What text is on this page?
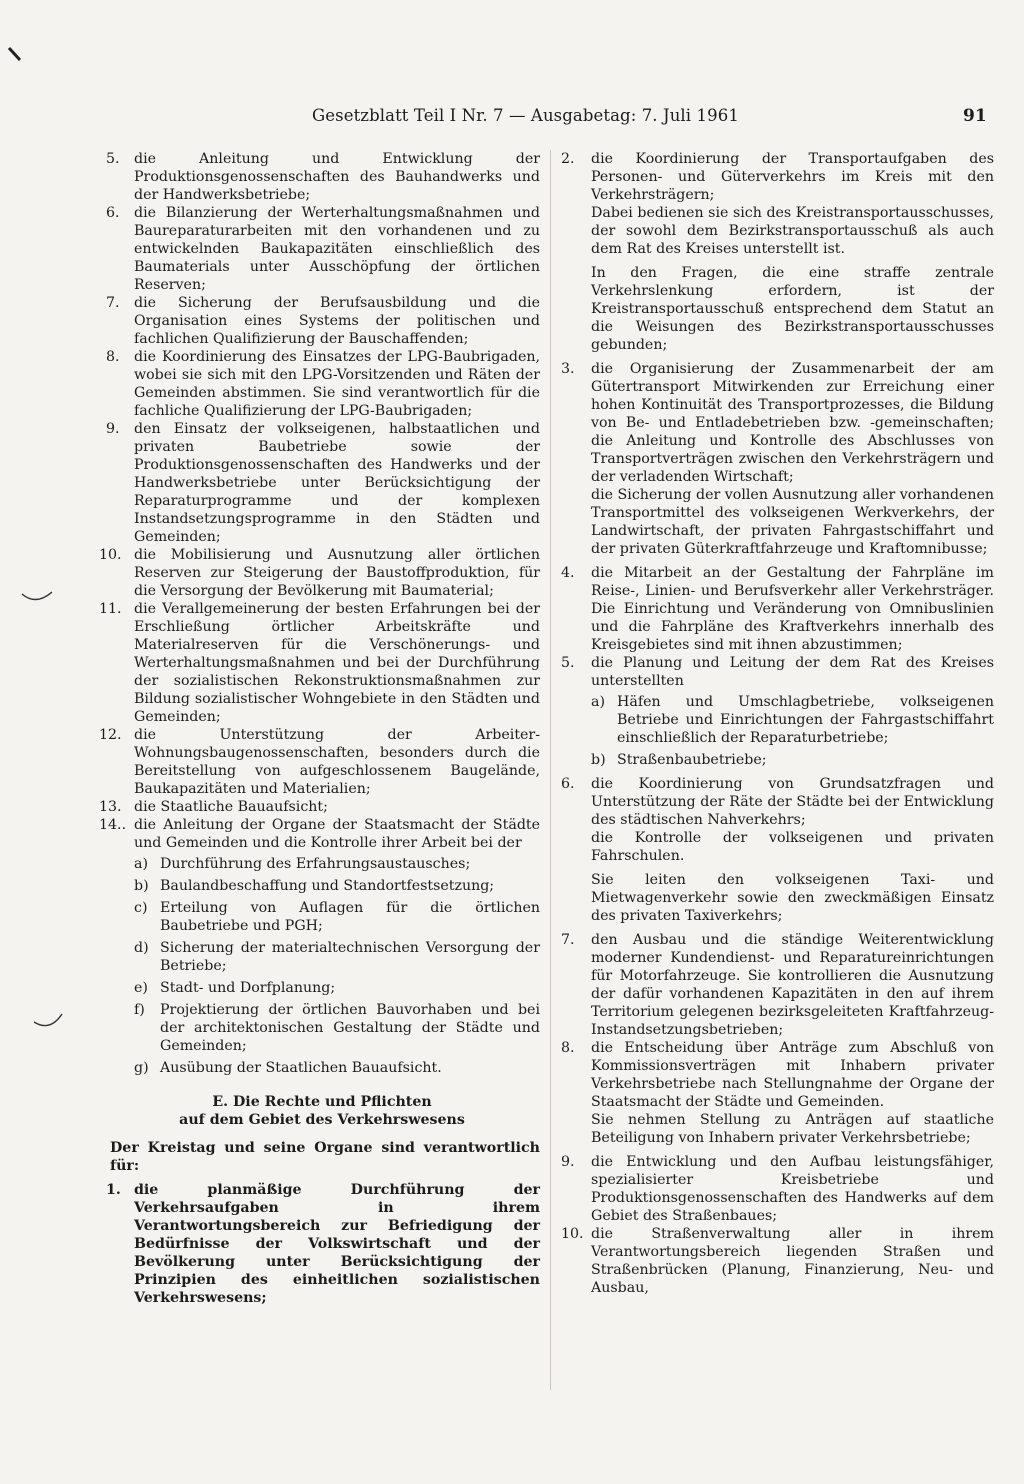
Gesetzblatt Teil I Nr. 7 — Ausgabetag: 7. Juli 1961	91
5.	die Anleitung und Entwicklung der Produktionsgenossenschaften des Bauhandwerks und der Handwerksbetriebe;
6.	die Bilanzierung der Werterhaltungsmaßnahmen und Baureparaturarbeiten mit den vorhandenen und zu entwickelnden Baukapazitäten einschließlich des Baumaterials unter Ausschöpfung der örtlichen Reserven;
7.	die Sicherung der Berufsausbildung und die Organisation eines Systems der politischen und fachlichen Qualifizierung der Bauschaffenden;
8.	die Koordinierung des Einsatzes der LPG-Baubrigaden, wobei sie sich mit den LPG-Vorsitzenden und Räten der Gemeinden abstimmen. Sie sind verantwortlich für die fachliche Qualifizierung der LPG-Baubrigaden;
9.	den Einsatz der volkseigenen, halbstaatlichen und privaten Baubetriebe sowie der Produktionsgenossenschaften des Handwerks und der Handwerksbetriebe unter Berücksichtigung der Reparaturprogramme und der komplexen Instandsetzungsprogramme in den Städten und Gemeinden;
10. die Mobilisierung und Ausnutzung aller örtlichen Reserven zur Steigerung der Baustoffproduktion, für die Versorgung der Bevölkerung mit Baumaterial;
11. die Verallgemeinerung der besten Erfahrungen bei der Erschließung örtlicher Arbeitskräfte und Materialreserven für die Verschönerungs- und Werterhaltungsmaßnahmen und bei der Durchführung der sozialistischen Rekonstruktionsmaßnahmen zur Bildung sozialistischer Wohngebiete in den Städten und Gemeinden;
12. die Unterstützung der Arbeiter-Wohnungsbaugenossenschaften, besonders durch die Bereitstellung von aufgeschlossenem Baugelände, Baukapazitäten und Materialien;
13. die Staatliche Bauaufsicht;
14.. die Anleitung der Organe der Staatsmacht der Städte und Gemeinden und die Kontrolle ihrer Arbeit bei der
a) Durchführung des Erfahrungsaustausches;
b) Baulandbeschaffung und Standortfestsetzung;
c) Erteilung von Auflagen für die örtlichen Baubetriebe und PGH;
d) Sicherung der materialtechnischen Versorgung der Betriebe;
e) Stadt- und Dorfplanung;
f) Projektierung der örtlichen Bauvorhaben und bei der architektonischen Gestaltung der Städte und Gemeinden;
g) Ausübung der Staatlichen Bauaufsicht.
E. Die Rechte und Pflichten
auf dem Gebiet des Verkehrswesens

Der Kreistag und seine Organe sind verantwortlich für:

1. die planmäßige Durchführung der Verkehrsaufgaben in ihrem Verantwortungsbereich zur Befriedigung der Bedürfnisse der Volkswirtschaft und der Bevölkerung unter Berücksichtigung der Prinzipien des einheitlichen sozialistischen Verkehrswesens;
2.	die Koordinierung der Transportaufgaben des Personen- und Güterverkehrs im Kreis mit den Verkehrsträgern;

Dabei bedienen sie sich des Kreistransportausschusses, der sowohl dem Bezirkstransportausschuß als auch dem Rat des Kreises unterstellt ist.

In den Fragen, die eine straffe zentrale Verkehrslenkung erfordern, ist der Kreistransportausschuß entsprechend dem Statut an die Weisungen des Bezirkstransportausschusses gebunden;

3.	die Organisierung der Zusammenarbeit der am Gütertransport Mitwirkenden zur Erreichung einer hohen Kontinuität des Transportprozesses, die Bildung von Be- und Entladebetrieben bzw. -gemeinschaften; die Anleitung und Kontrolle des Abschlusses von Transportverträgen zwischen den Verkehrsträgern und der verladenden Wirtschaft;

die Sicherung der vollen Ausnutzung aller vorhandenen Transportmittel des volkseigenen Werkverkehrs, der Landwirtschaft, der privaten Fahrgastschiffahrt und der privaten Güterkraftfahrzeuge und Kraftomnibusse;

4.	die Mitarbeit an der Gestaltung der Fahrpläne im Reise-, Linien- und Berufsverkehr aller Verkehrsträger. Die Einrichtung und Veränderung von Omnibuslinien und die Fahrpläne des Kraftverkehrs innerhalb des Kreisgebietes sind mit ihnen abzustimmen;
5.	die Planung und Leitung der dem Rat des Kreises unterstellten
a) Häfen und Umschlagbetriebe, volkseigenen Betriebe und Einrichtungen der Fahrgastschiffahrt einschließlich der Reparaturbetriebe;
b) Straßenbaubetriebe;
6.	die Koordinierung von Grundsatzfragen und Unterstützung der Räte der Städte bei der Entwicklung des städtischen Nahverkehrs;

die Kontrolle der volkseigenen und privaten Fahrschulen.

Sie leiten den volkseigenen Taxi- und Mietwagenverkehr sowie den zweckmäßigen Einsatz des privaten Taxiverkehrs;

7.	den Ausbau und die ständige Weiterentwicklung moderner Kundendienst- und Reparatureinrichtungen für Motorfahrzeuge. Sie kontrollieren die Ausnutzung der dafür vorhandenen Kapazitäten in den auf ihrem Territorium gelegenen bezirksgeleiteten Kraftfahrzeug-Instandsetzungsbetrieben;
8.	die Entscheidung über Anträge zum Abschluß von Kommissionsverträgen mit Inhabern privater Verkehrsbetriebe nach Stellungnahme der Organe der Staatsmacht der Städte und Gemeinden.

Sie nehmen Stellung zu Anträgen auf staatliche Beteiligung von Inhabern privater Verkehrsbetriebe;

9.	die Entwicklung und den Aufbau leistungsfähiger, spezialisierter Kreisbetriebe und Produktionsgenossenschaften des Handwerks auf dem Gebiet des Straßenbaues;
10. die Straßenverwaltung aller in ihrem Verantwortungsbereich liegenden Straßen und Straßenbrücken (Planung, Finanzierung, Neu- und Ausbau,
